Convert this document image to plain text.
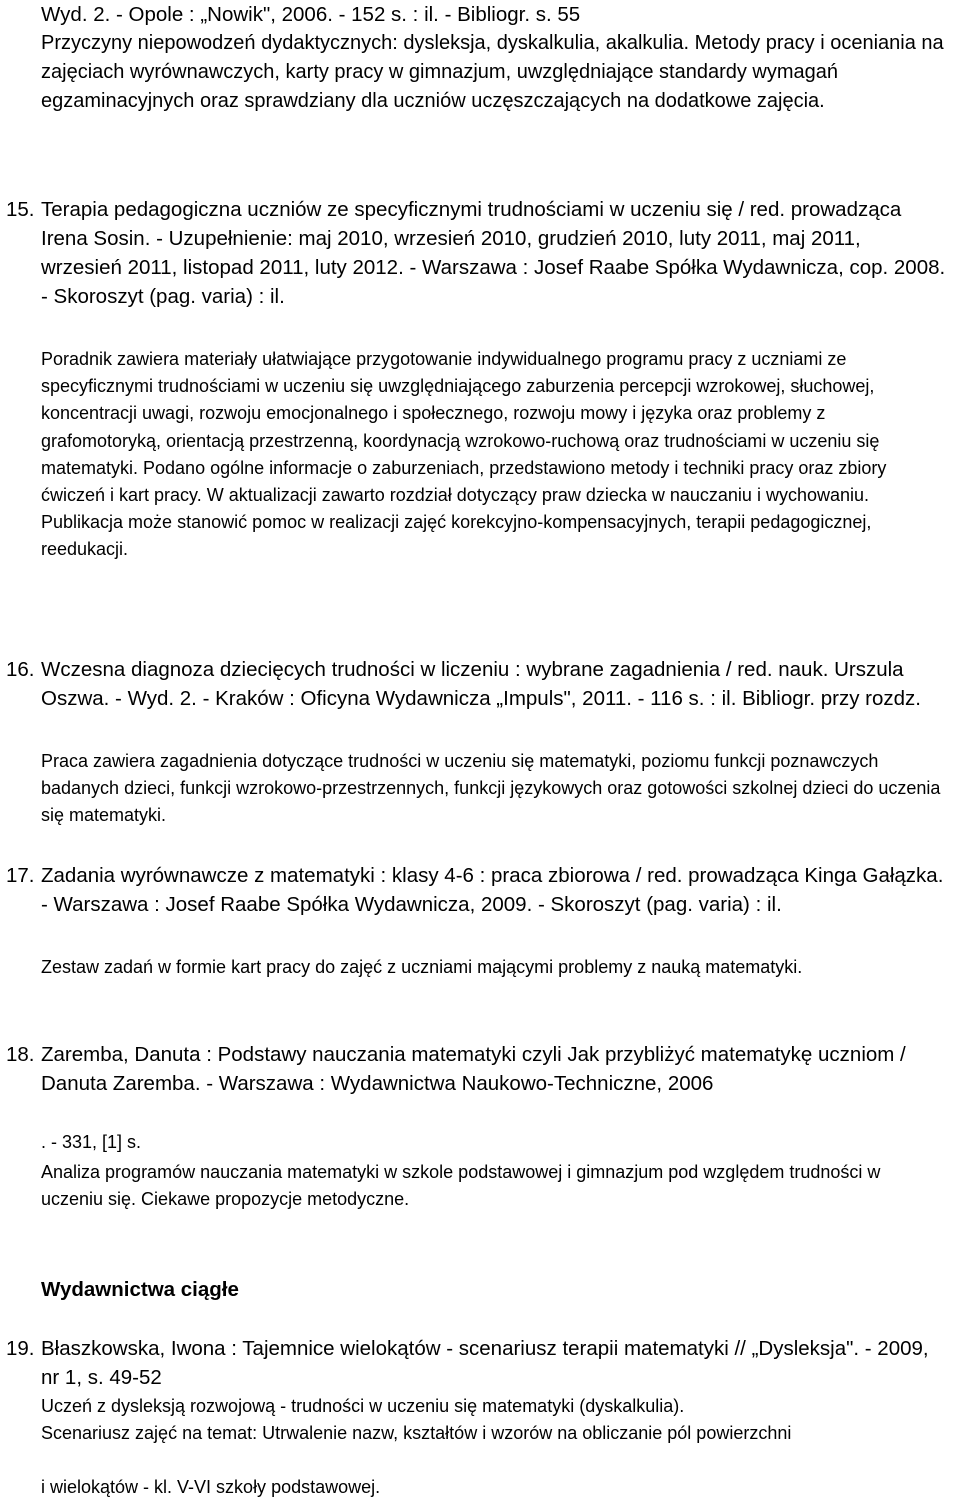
Wyd. 2. - Opole : „Nowik", 2006. - 152 s. : il. - Bibliogr. s. 55

Przyczyny niepowodzeń dydaktycznych: dysleksja, dyskalkulia, akalkulia. Metody pracy i oceniania na zajęciach wyrównawczych, karty pracy w gimnazjum, uwzględniające standardy wymagań egzaminacyjnych oraz sprawdziany dla uczniów uczęszczających na dodatkowe zajęcia.

15. Terapia pedagogiczna uczniów ze specyficznymi trudnościami w uczeniu się / red. prowadząca Irena Sosin. - Uzupełnienie: maj 2010, wrzesień 2010, grudzień 2010, luty 2011, maj 2011, wrzesień 2011, listopad 2011, luty 2012. - Warszawa : Josef Raabe Spółka Wydawnicza, cop. 2008. - Skoroszyt (pag. varia) : il.

Poradnik zawiera materiały ułatwiające przygotowanie indywidualnego programu pracy z uczniami ze specyficznymi trudnościami w uczeniu się uwzględniającego zaburzenia percepcji wzrokowej, słuchowej, koncentracji uwagi, rozwoju emocjonalnego i społecznego, rozwoju mowy i języka oraz problemy z grafomotoryką, orientacją przestrzenną, koordynacją wzrokowo-ruchową oraz trudnościami w uczeniu się matematyki. Podano ogólne informacje o zaburzeniach, przedstawiono metody i techniki pracy oraz zbiory ćwiczeń i kart pracy. W aktualizacji zawarto rozdział dotyczący praw dziecka w nauczaniu i wychowaniu. Publikacja może stanowić pomoc w realizacji zajęć korekcyjno-kompensacyjnych, terapii pedagogicznej, reedukacji.

16. Wczesna diagnoza dziecięcych trudności w liczeniu : wybrane zagadnienia / red. nauk. Urszula Oszwa. - Wyd. 2. - Kraków : Oficyna Wydawnicza „Impuls", 2011. - 116 s. : il. Bibliogr. przy rozdz.

Praca zawiera zagadnienia dotyczące trudności w uczeniu się matematyki, poziomu funkcji poznawczych badanych dzieci, funkcji wzrokowo-przestrzennych, funkcji językowych oraz gotowości szkolnej dzieci do uczenia się matematyki.

17. Zadania wyrównawcze z matematyki : klasy 4-6 : praca zbiorowa / red. prowadząca Kinga Gałązka. - Warszawa : Josef Raabe Spółka Wydawnicza, 2009. - Skoroszyt (pag. varia) : il.

Zestaw zadań w formie kart pracy do zajęć z uczniami mającymi problemy z nauką matematyki.

18. Zaremba, Danuta : Podstawy nauczania matematyki czyli Jak przybliżyć matematykę uczniom / Danuta Zaremba. - Warszawa : Wydawnictwa Naukowo-Techniczne, 2006

. - 331, [1] s.

Analiza programów nauczania matematyki w szkole podstawowej i gimnazjum pod względem trudności w uczeniu się. Ciekawe propozycje metodyczne.

Wydawnictwa ciągłe
19. Błaszkowska, Iwona : Tajemnice wielokątów - scenariusz terapii matematyki // „Dysleksja". - 2009, nr 1, s. 49-52

Uczeń z dysleksją rozwojową - trudności w uczeniu się matematyki (dyskalkulia).

Scenariusz zajęć na temat: Utrwalenie nazw, kształtów i wzorów na obliczanie pól powierzchni

i wielokątów - kl. V-VI szkoły podstawowej.
